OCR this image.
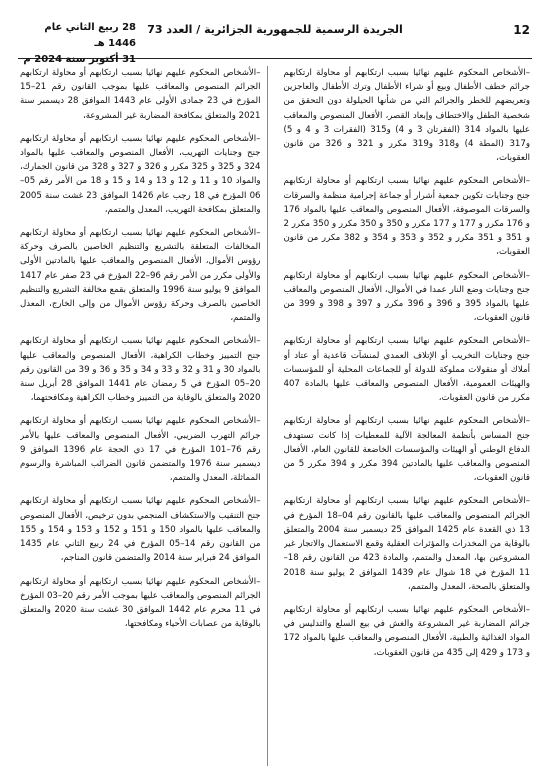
12
الجريدة الرسمية للجمهورية الجزائرية / العدد 73
28 ربيع الثاني عام 1446 هـ
31 أكتوبر سنة 2024 م

–الأشخاص المحكوم عليهم نهائيا بسبب ارتكابهم أو محاولة ارتكابهم جرائم خطف الأطفال وبيع أو شراء الأطفال وترك الأطفال والعاجزين وتعريضهم للخطر والجرائم التي من شأنها الحيلولة دون التحقق من شخصية الطفل والاختطاف وإبعاد القصر، الأفعال المنصوص والمعاقب عليها بالمواد 314 (الفقرتان 3 و 4) و315 (الفقرات 3 و 4 و 5) و317 (المطة 4) و318 و319 مكرر و 321 و 326 من قانون العقوبات،

–الأشخاص المحكوم عليهم نهائيا بسبب ارتكابهم أو محاولة ارتكابهم جنح وجنايات تكوين جمعية أشرار أو جماعة إجرامية منظمة والسرقات والسرقات الموصوفة، الأفعال المنصوص والمعاقب عليها بالمواد 176 و 176 مكرر و 177 و 177 مكرر و 350 و 350 مكرر و 350 مكرر 2 و 351 و 351 مكرر و 352 و 353 و 354 و 382 مكرر من قانون العقوبات،

–الأشخاص المحكوم عليهم نهائيا بسبب ارتكابهم أو محاولة ارتكابهم جنح وجنايات وضع النار عمدا في الأموال، الأفعال المنصوص والمعاقب عليها بالمواد 395 و 396 و 396 مكرر و 397 و 398 و 399 من قانون العقوبات،

–الأشخاص المحكوم عليهم نهائيا بسبب ارتكابهم أو محاولة ارتكابهم جنح وجنايات التخريب أو الإتلاف العمدي لمنشآت قاعدية أو عتاد أو أملاك أو منقولات مملوكة للدولة أو للجماعات المحلية أو للمؤسسات والهيئات العمومية، الأفعال المنصوص والمعاقب عليها بالمادة 407 مكرر من قانون العقوبات،

–الأشخاص المحكوم عليهم نهائيا بسبب ارتكابهم أو محاولة ارتكابهم جنح المساس بأنظمة المعالجة الآلية للمعطيات إذا كانت تستهدف الدفاع الوطني أو الهيئات والمؤسسات الخاضعة للقانون العام، الأفعال المنصوص والمعاقب عليها بالمادتين 394 مكرر و 394 مكرر 5 من قانون العقوبات،

–الأشخاص المحكوم عليهم نهائيا بسبب ارتكابهم أو محاولة ارتكابهم الجرائم المنصوص والمعاقب عليها بالقانون رقم 04–18 المؤرخ في 13 ذي القعدة عام 1425 الموافق 25 ديسمبر سنة 2004 والمتعلق بالوقاية من المخدرات والمؤثرات العقلية وقمع الاستعمال والاتجار غير المشروعين بها، المعدل والمتمم، والمادة 423 من القانون رقم 18–11 المؤرخ في 18 شوال عام 1439 الموافق 2 يوليو سنة 2018 والمتعلق بالصحة، المعدل والمتمم،

–الأشخاص المحكوم عليهم نهائيا بسبب ارتكابهم أو محاولة ارتكابهم جرائم المضاربة غير المشروعة والغش في بيع السلع والتدليس في المواد الغذائية والطبية، الأفعال المنصوص والمعاقب عليها بالمواد 172 و 173 و 429 إلى 435 من قانون العقوبات،

–الأشخاص المحكوم عليهم نهائيا بسبب ارتكابهم أو محاولة ارتكابهم الجرائم المنصوص والمعاقب عليها بموجب القانون رقم 21–15 المؤرخ في 23 جمادى الأولى عام 1443 الموافق 28 ديسمبر سنة 2021 والمتعلق بمكافحة المضاربة غير المشروعة،

–الأشخاص المحكوم عليهم نهائيا بسبب ارتكابهم أو محاولة ارتكابهم جنح وجنايات التهريب، الأفعال المنصوص والمعاقب عليها بالمواد 324 و 325 و 325 مكرر و 326 و 327 و 328 من قانون الجمارك، والمواد 10 و 11 و 12 و 13 و 14 و 15 و 18 من الأمر رقم 05–06 المؤرخ في 18 رجب عام 1426 الموافق 23 غشت سنة 2005 والمتعلق بمكافحة التهريب، المعدل والمتمم،

–الأشخاص المحكوم عليهم نهائيا بسبب ارتكابهم أو محاولة ارتكابهم المخالفات المتعلقة بالتشريع والتنظيم الخاصين بالصرف وحركة رؤوس الأموال، الأفعال المنصوص والمعاقب عليها بالمادتين الأولى والأولى مكرر من الأمر رقم 96–22 المؤرخ في 23 صفر عام 1417 الموافق 9 يوليو سنة 1996 والمتعلق بقمع مخالفة التشريع والتنظيم الخاصين بالصرف وحركة رؤوس الأموال من وإلى الخارج، المعدل والمتمم،

–الأشخاص المحكوم عليهم نهائيا بسبب ارتكابهم أو محاولة ارتكابهم جنح التمييز وخطاب الكراهية، الأفعال المنصوص والمعاقب عليها بالمواد 30 و 31 و 32 و 33 و 34 و 35 و 36 و 39 من القانون رقم 20–05 المؤرخ في 5 رمضان عام 1441 الموافق 28 أبريل سنة 2020 والمتعلق بالوقاية من التمييز وخطاب الكراهية ومكافحتهما،

–الأشخاص المحكوم عليهم نهائيا بسبب ارتكابهم أو محاولة ارتكابهم جرائم التهرب الضريبي، الأفعال المنصوص والمعاقب عليها بالأمر رقم 76–101 المؤرخ في 17 ذي الحجة عام 1396 الموافق 9 ديسمبر سنة 1976 والمتضمن قانون الضرائب المباشرة والرسوم المماثلة، المعدل والمتمم،

–الأشخاص المحكوم عليهم نهائيا بسبب ارتكابهم أو محاولة ارتكابهم جنح التنقيب والاستكشاف المنجمي بدون ترخيص، الأفعال المنصوص والمعاقب عليها بالمواد 150 و 151 و 152 و 153 و 154 و 155 من القانون رقم 14–05 المؤرخ في 24 ربيع الثاني عام 1435 الموافق 24 فبراير سنة 2014 والمتضمن قانون المناجم،

–الأشخاص المحكوم عليهم نهائيا بسبب ارتكابهم أو محاولة ارتكابهم الجرائم المنصوص والمعاقب عليها بموجب الأمر رقم 20–03 المؤرخ في 11 محرم عام 1442 الموافق 30 غشت سنة 2020 والمتعلق بالوقاية من عصابات الأحياء ومكافحتها،
